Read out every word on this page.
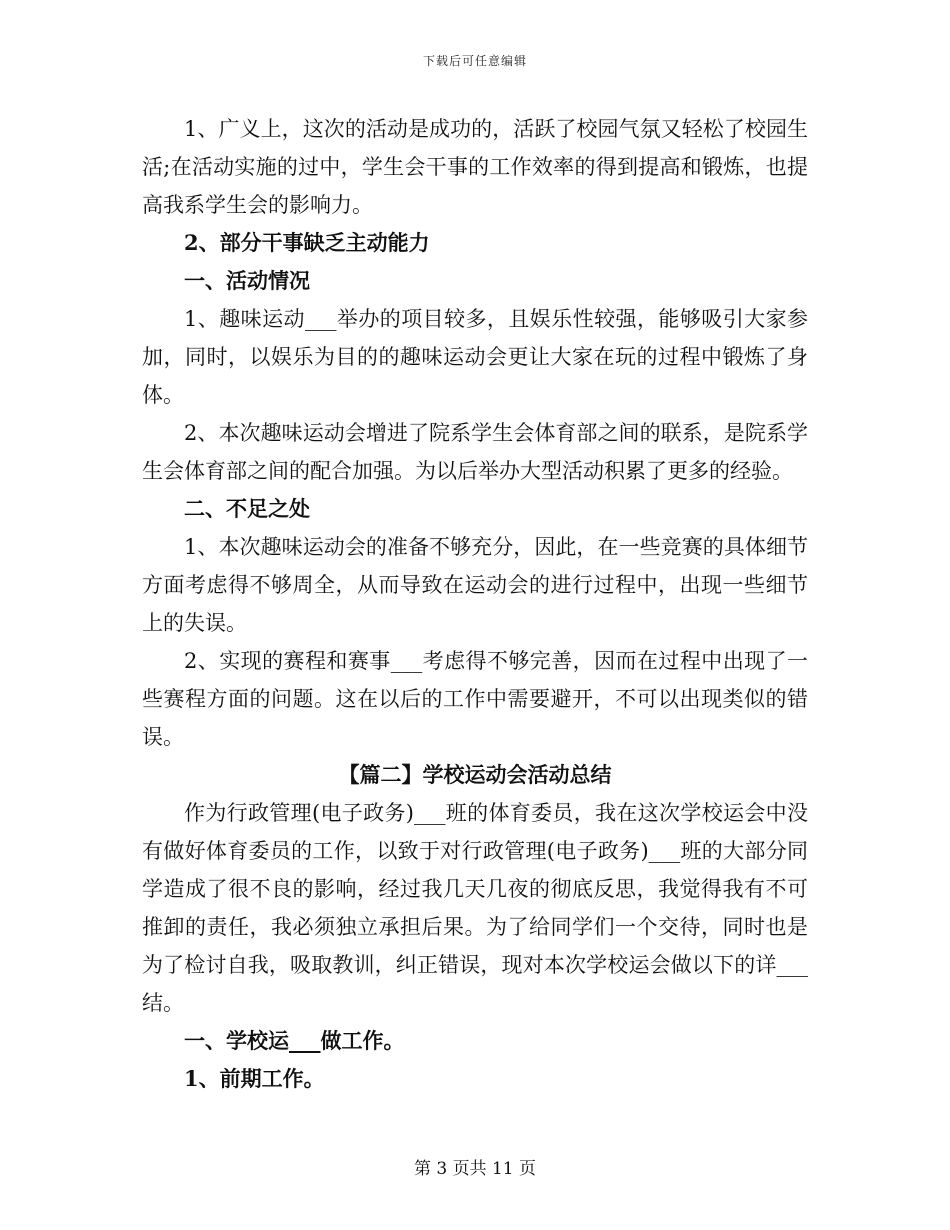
下载后可任意编辑

1、广义上，这次的活动是成功的，活跃了校园气氛又轻松了校园生活;在活动实施的过中，学生会干事的工作效率的得到提高和锻炼，也提高我系学生会的影响力。

2、部分干事缺乏主动能力

一、活动情况

1、趣味运动___举办的项目较多，且娱乐性较强，能够吸引大家参加，同时，以娱乐为目的的趣味运动会更让大家在玩的过程中锻炼了身体。

2、本次趣味运动会增进了院系学生会体育部之间的联系，是院系学生会体育部之间的配合加强。为以后举办大型活动积累了更多的经验。

二、不足之处

1、本次趣味运动会的准备不够充分，因此，在一些竞赛的具体细节方面考虑得不够周全，从而导致在运动会的进行过程中，出现一些细节上的失误。

2、实现的赛程和赛事___考虑得不够完善，因而在过程中出现了一些赛程方面的问题。这在以后的工作中需要避开，不可以出现类似的错误。

【篇二】学校运动会活动总结

作为行政管理(电子政务)___班的体育委员，我在这次学校运会中没有做好体育委员的工作，以致于对行政管理(电子政务)___班的大部分同学造成了很不良的影响，经过我几天几夜的彻底反思，我觉得我有不可推卸的责任，我必须独立承担后果。为了给同学们一个交待，同时也是为了检讨自我，吸取教训，纠正错误，现对本次学校运会做以下的详___结。

一、学校运___做工作。

1、前期工作。

第 3 页共 11 页
